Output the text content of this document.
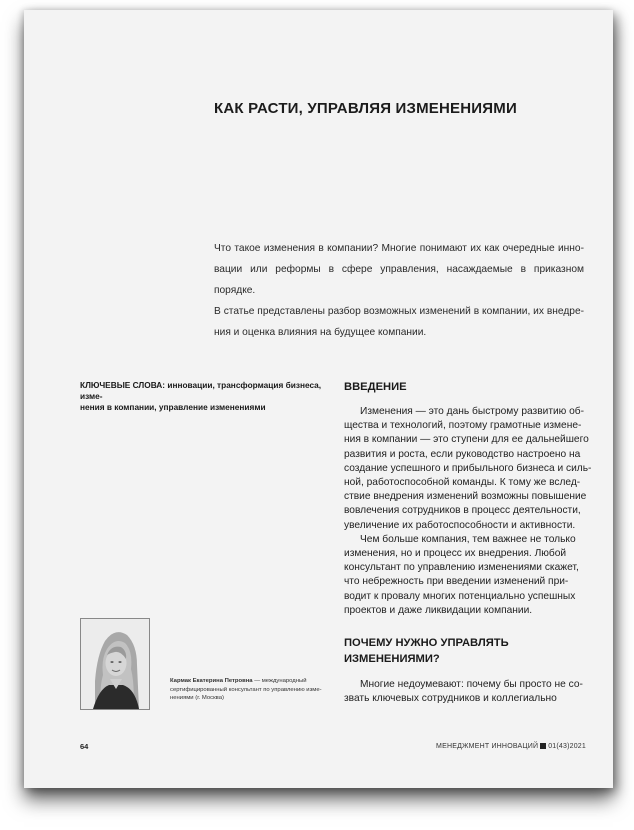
КАК РАСТИ, УПРАВЛЯЯ ИЗМЕНЕНИЯМИ

Что такое изменения в компании? Многие понимают их как очередные инно-
вации или реформы в сфере управления, насаждаемые в приказном порядке.
В статье представлены разбор возможных изменений в компании, их внедре-
ния и оценка влияния на будущее компании.

КЛЮЧЕВЫЕ СЛОВА: инновации, трансформация бизнеса, изме-
нения в компании, управление изменениями

ВВЕДЕНИЕ

Изменения — это дань быстрому развитию об-
щества и технологий, поэтому грамотные измене-
ния в компании — это ступени для ее дальнейшего
развития и роста, если руководство настроено на
создание успешного и прибыльного бизнеса и силь-
ной, работоспособной команды. К тому же вслед-
ствие внедрения изменений возможны повышение
вовлечения сотрудников в процесс деятельности,
увеличение их работоспособности и активности.
Чем больше компания, тем важнее не только
изменения, но и процесс их внедрения. Любой
консультант по управлению изменениями скажет,
что небрежность при введении изменений при-
водит к провалу многих потенциально успешных
проектов и даже ликвидации компании.

ПОЧЕМУ НУЖНО УПРАВЛЯТЬ
ИЗМЕНЕНИЯМИ?

Многие недоумевают: почему бы просто не со-
звать ключевых сотрудников и коллегиально

Кармак Екатерина Петровна — международный
сертифицированный консультант по управлению изме-
нениями (г. Москва)

64	МЕНЕДЖМЕНТ ИННОВАЦИЙ 01(43)2021
